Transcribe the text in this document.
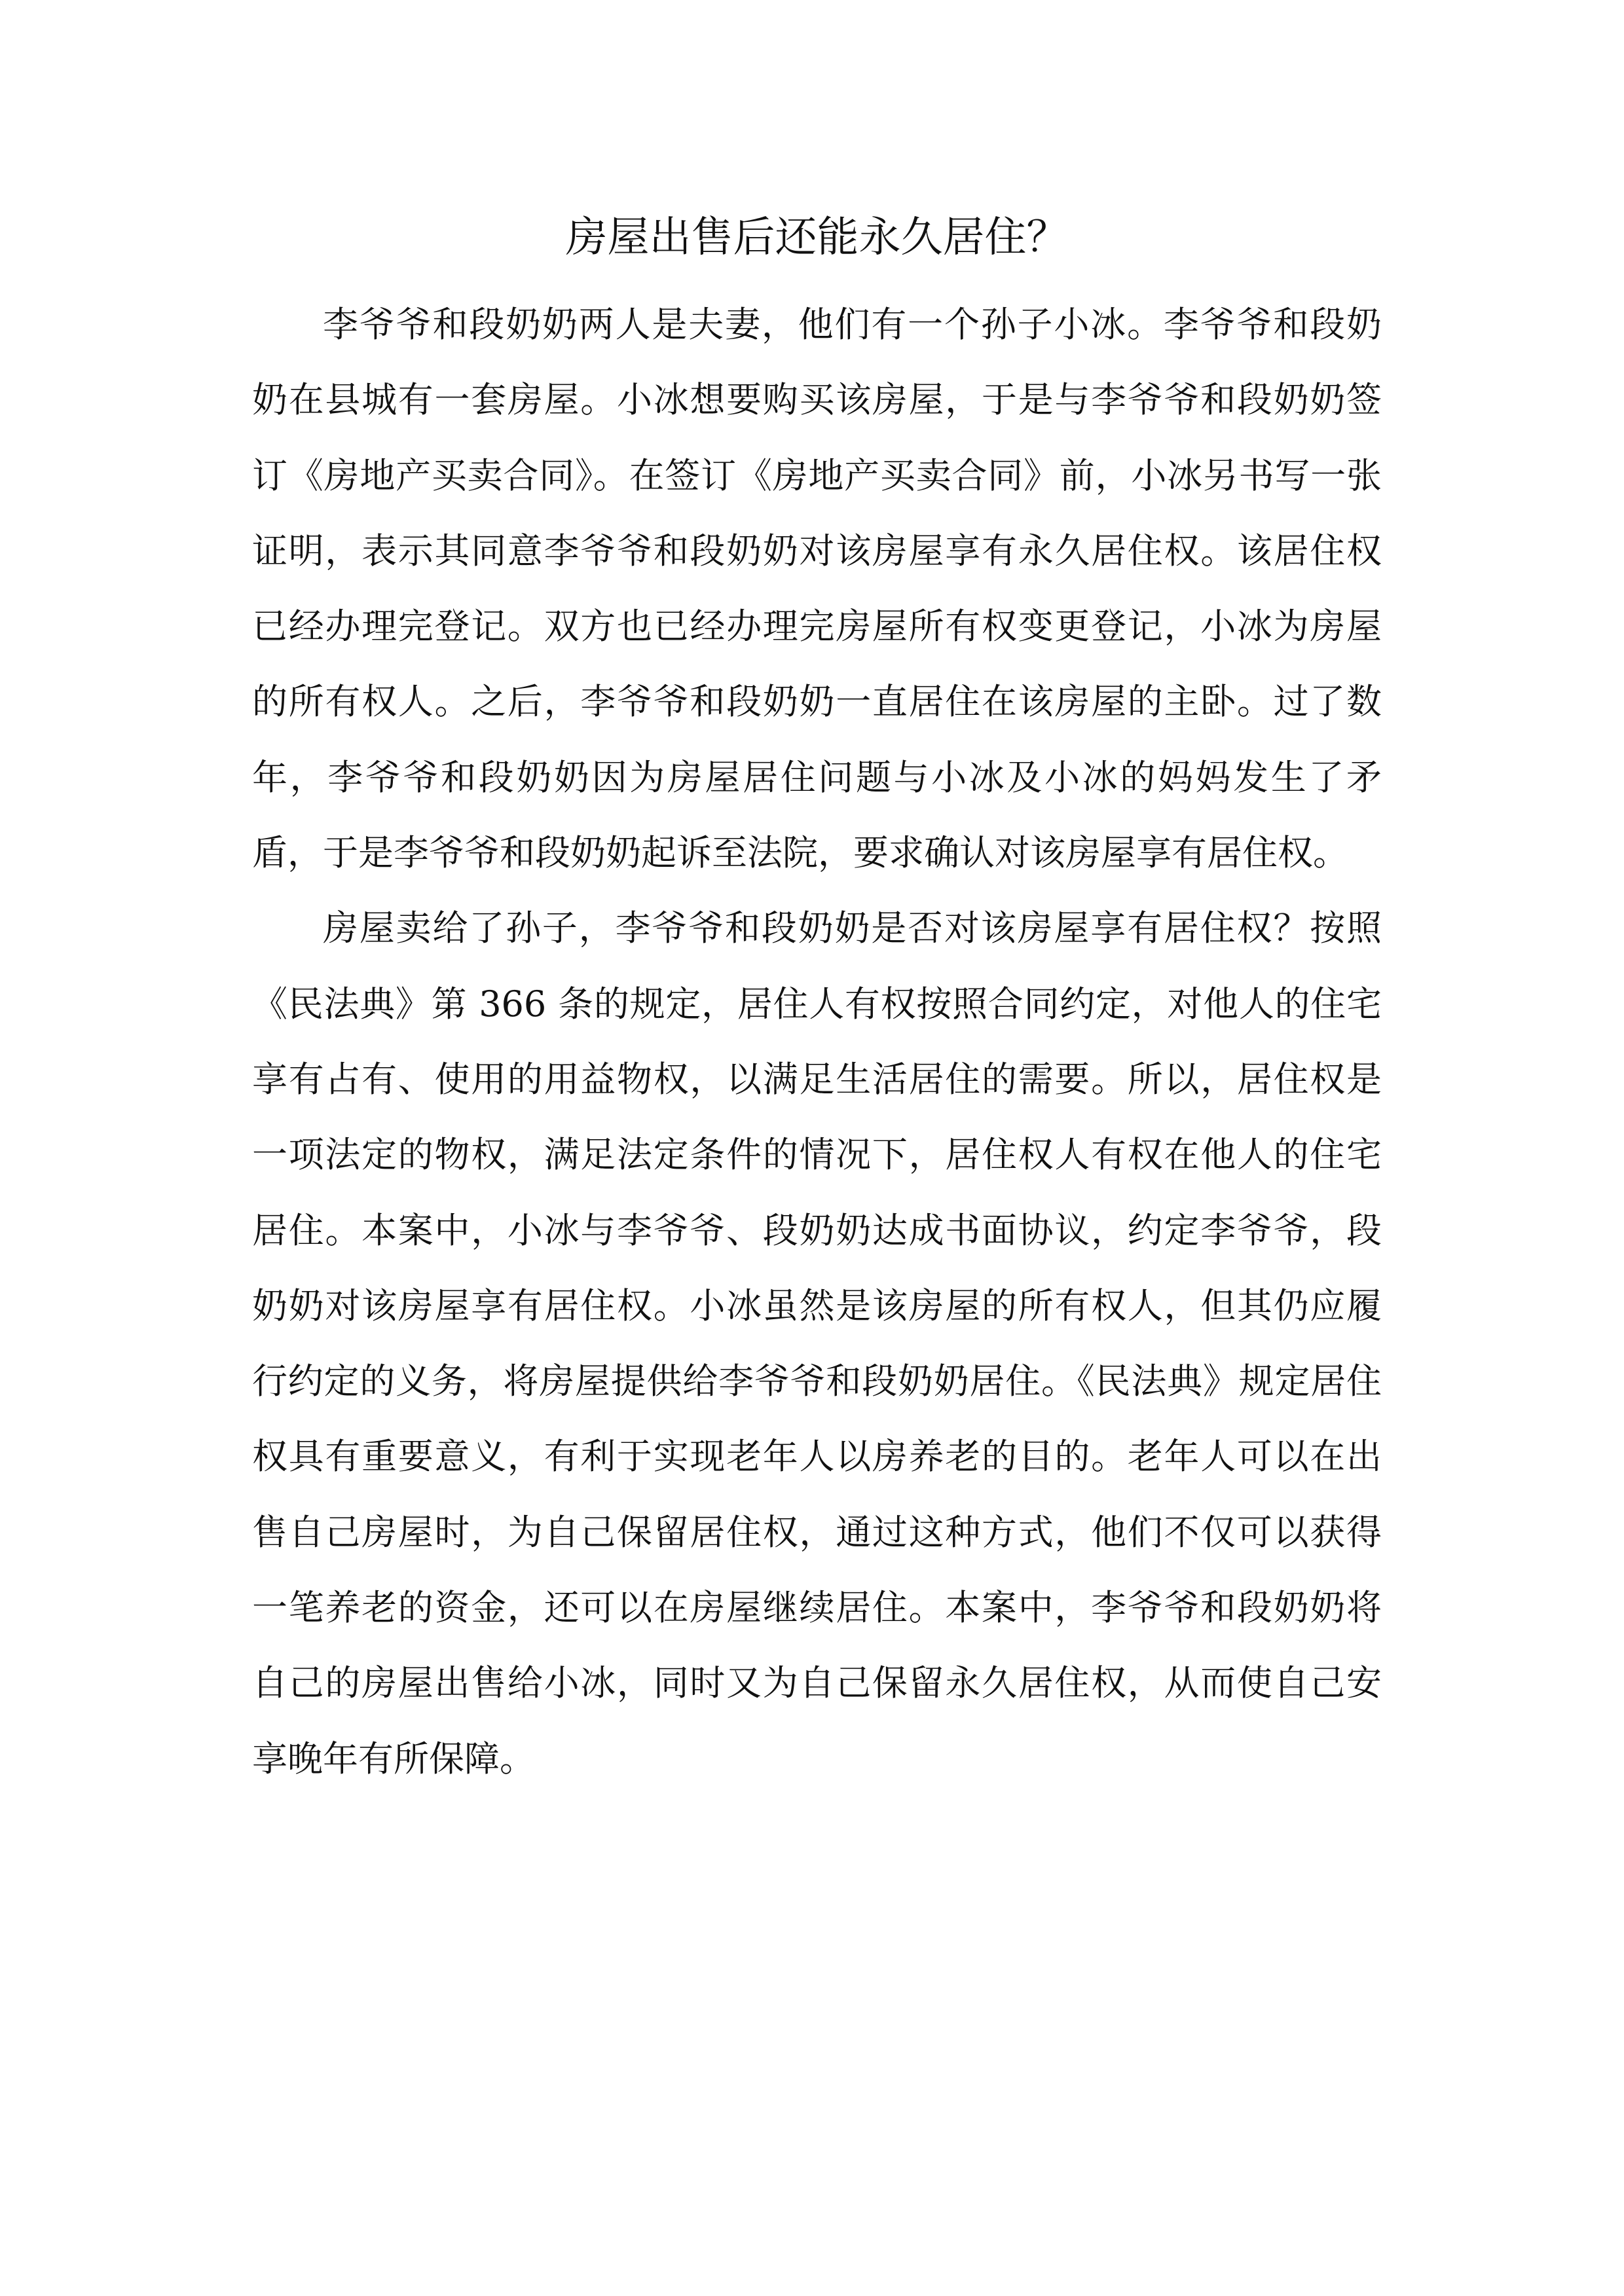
房屋出售后还能永久居住？

李爷爷和段奶奶两人是夫妻，他们有一个孙子小冰。李爷爷和段奶奶在县城有一套房屋。小冰想要购买该房屋，于是与李爷爷和段奶奶签订《房地产买卖合同》。在签订《房地产买卖合同》前，小冰另书写一张证明，表示其同意李爷爷和段奶奶对该房屋享有永久居住权。该居住权已经办理完登记。双方也已经办理完房屋所有权变更登记，小冰为房屋的所有权人。之后，李爷爷和段奶奶一直居住在该房屋的主卧。过了数年，李爷爷和段奶奶因为房屋居住问题与小冰及小冰的妈妈发生了矛盾，于是李爷爷和段奶奶起诉至法院，要求确认对该房屋享有居住权。

房屋卖给了孙子，李爷爷和段奶奶是否对该房屋享有居住权？按照《民法典》第 366 条的规定，居住人有权按照合同约定，对他人的住宅享有占有、使用的用益物权，以满足生活居住的需要。所以，居住权是一项法定的物权，满足法定条件的情况下，居住权人有权在他人的住宅居住。本案中，小冰与李爷爷、段奶奶达成书面协议，约定李爷爷，段奶奶对该房屋享有居住权。小冰虽然是该房屋的所有权人，但其仍应履行约定的义务，将房屋提供给李爷爷和段奶奶居住。《民法典》规定居住权具有重要意义，有利于实现老年人以房养老的目的。老年人可以在出售自己房屋时，为自己保留居住权，通过这种方式，他们不仅可以获得一笔养老的资金，还可以在房屋继续居住。本案中，李爷爷和段奶奶将自己的房屋出售给小冰，同时又为自己保留永久居住权，从而使自己安享晚年有所保障。
